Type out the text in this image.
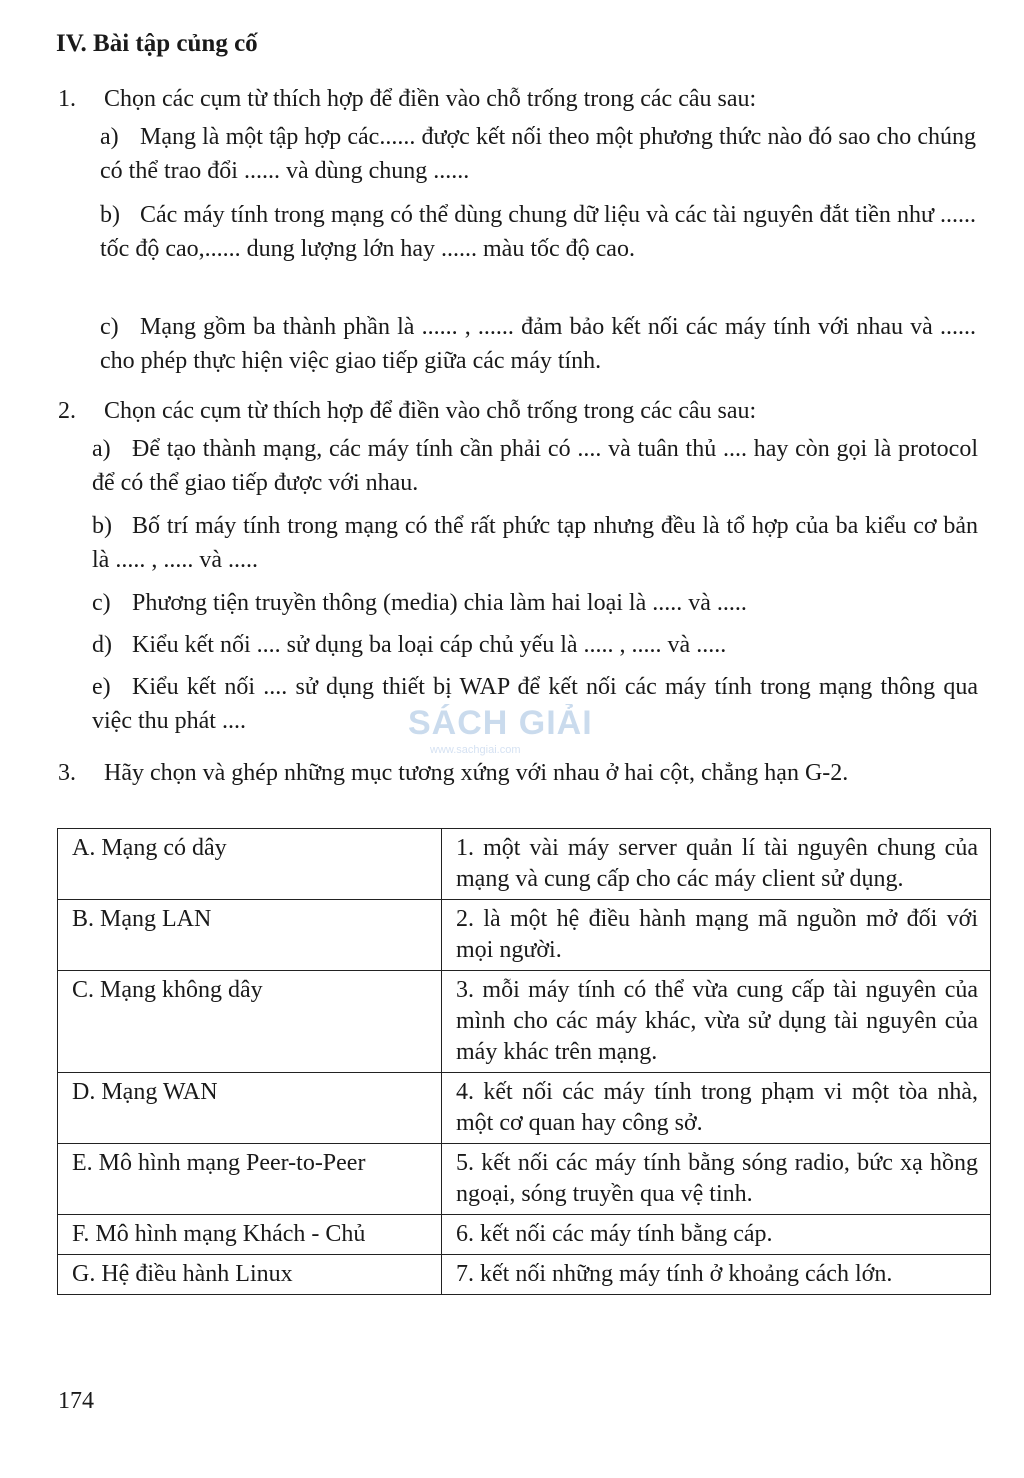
IV. Bài tập củng cố
1. Chọn các cụm từ thích hợp để điền vào chỗ trống trong các câu sau:
a) Mạng là một tập hợp các...... được kết nối theo một phương thức nào đó sao cho chúng có thể trao đổi ...... và dùng chung ......
b) Các máy tính trong mạng có thể dùng chung dữ liệu và các tài nguyên đắt tiền như ...... tốc độ cao,...... dung lượng lớn hay ...... màu tốc độ cao.
c) Mạng gồm ba thành phần là ...... , ...... đảm bảo kết nối các máy tính với nhau và ...... cho phép thực hiện việc giao tiếp giữa các máy tính.
2. Chọn các cụm từ thích hợp để điền vào chỗ trống trong các câu sau:
a) Để tạo thành mạng, các máy tính cần phải có .... và tuân thủ .... hay còn gọi là protocol để có thể giao tiếp được với nhau.
b) Bố trí máy tính trong mạng có thể rất phức tạp nhưng đều là tổ hợp của ba kiểu cơ bản là ..... , ..... và .....
c) Phương tiện truyền thông (media) chia làm hai loại là ..... và .....
d) Kiểu kết nối .... sử dụng ba loại cáp chủ yếu là ..... , ..... và .....
e) Kiểu kết nối .... sử dụng thiết bị WAP để kết nối các máy tính trong mạng thông qua việc thu phát ....	SÁCH GIẢI
www.sachgiai.com
3. Hãy chọn và ghép những mục tương xứng với nhau ở hai cột, chẳng hạn G-2.
A. Mạng có dây	1. một vài máy server quản lí tài nguyên chung của mạng và cung cấp cho các máy client sử dụng.
B. Mạng LAN	2. là một hệ điều hành mạng mã nguồn mở đối với mọi người.
C. Mạng không dây	3. mỗi máy tính có thể vừa cung cấp tài nguyên của mình cho các máy khác, vừa sử dụng tài nguyên của máy khác trên mạng.
D. Mạng WAN	4. kết nối các máy tính trong phạm vi một tòa nhà, một cơ quan hay công sở.
E. Mô hình mạng Peer-to-Peer	5. kết nối các máy tính bằng sóng radio, bức xạ hồng ngoại, sóng truyền qua vệ tinh.
F. Mô hình mạng Khách - Chủ	6. kết nối các máy tính bằng cáp.
G. Hệ điều hành Linux	7. kết nối những máy tính ở khoảng cách lớn.
174
